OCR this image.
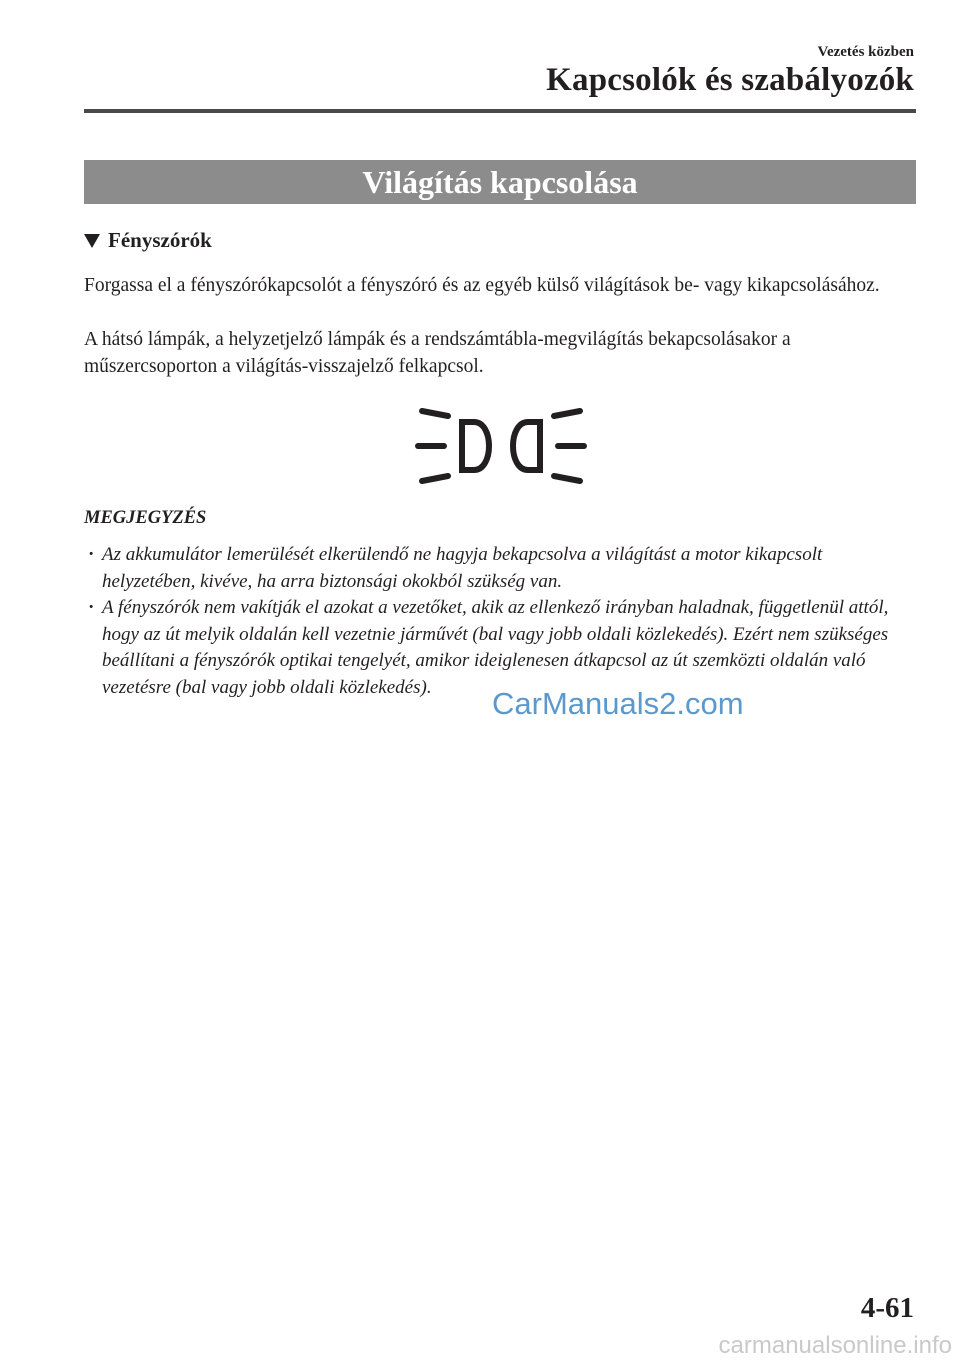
Vezetés közben
Kapcsolók és szabályozók
Világítás kapcsolása
Fényszórók

Forgassa el a fényszórókapcsolót a fényszóró és az egyéb külső világítások be- vagy kikapcsolásához.

A hátsó lámpák, a helyzetjelző lámpák és a rendszámtábla-megvilágítás bekapcsolásakor a műszercsoporton a világítás-visszajelző felkapcsol.

MEGJEGYZÉS
· Az akkumulátor lemerülését elkerülendő ne hagyja bekapcsolva a világítást a motor kikapcsolt helyzetében, kivéve, ha arra biztonsági okokból szükség van.
· A fényszórók nem vakítják el azokat a vezetőket, akik az ellenkező irányban haladnak, függetlenül attól, hogy az út melyik oldalán kell vezetnie járművét (bal vagy jobb oldali közlekedés). Ezért nem szükséges beállítani a fényszórók optikai tengelyét, amikor ideiglenesen átkapcsol az út szemközti oldalán való vezetésre (bal vagy jobb oldali közlekedés).	CarManuals2.com
4-61
carmanualsonline.info
